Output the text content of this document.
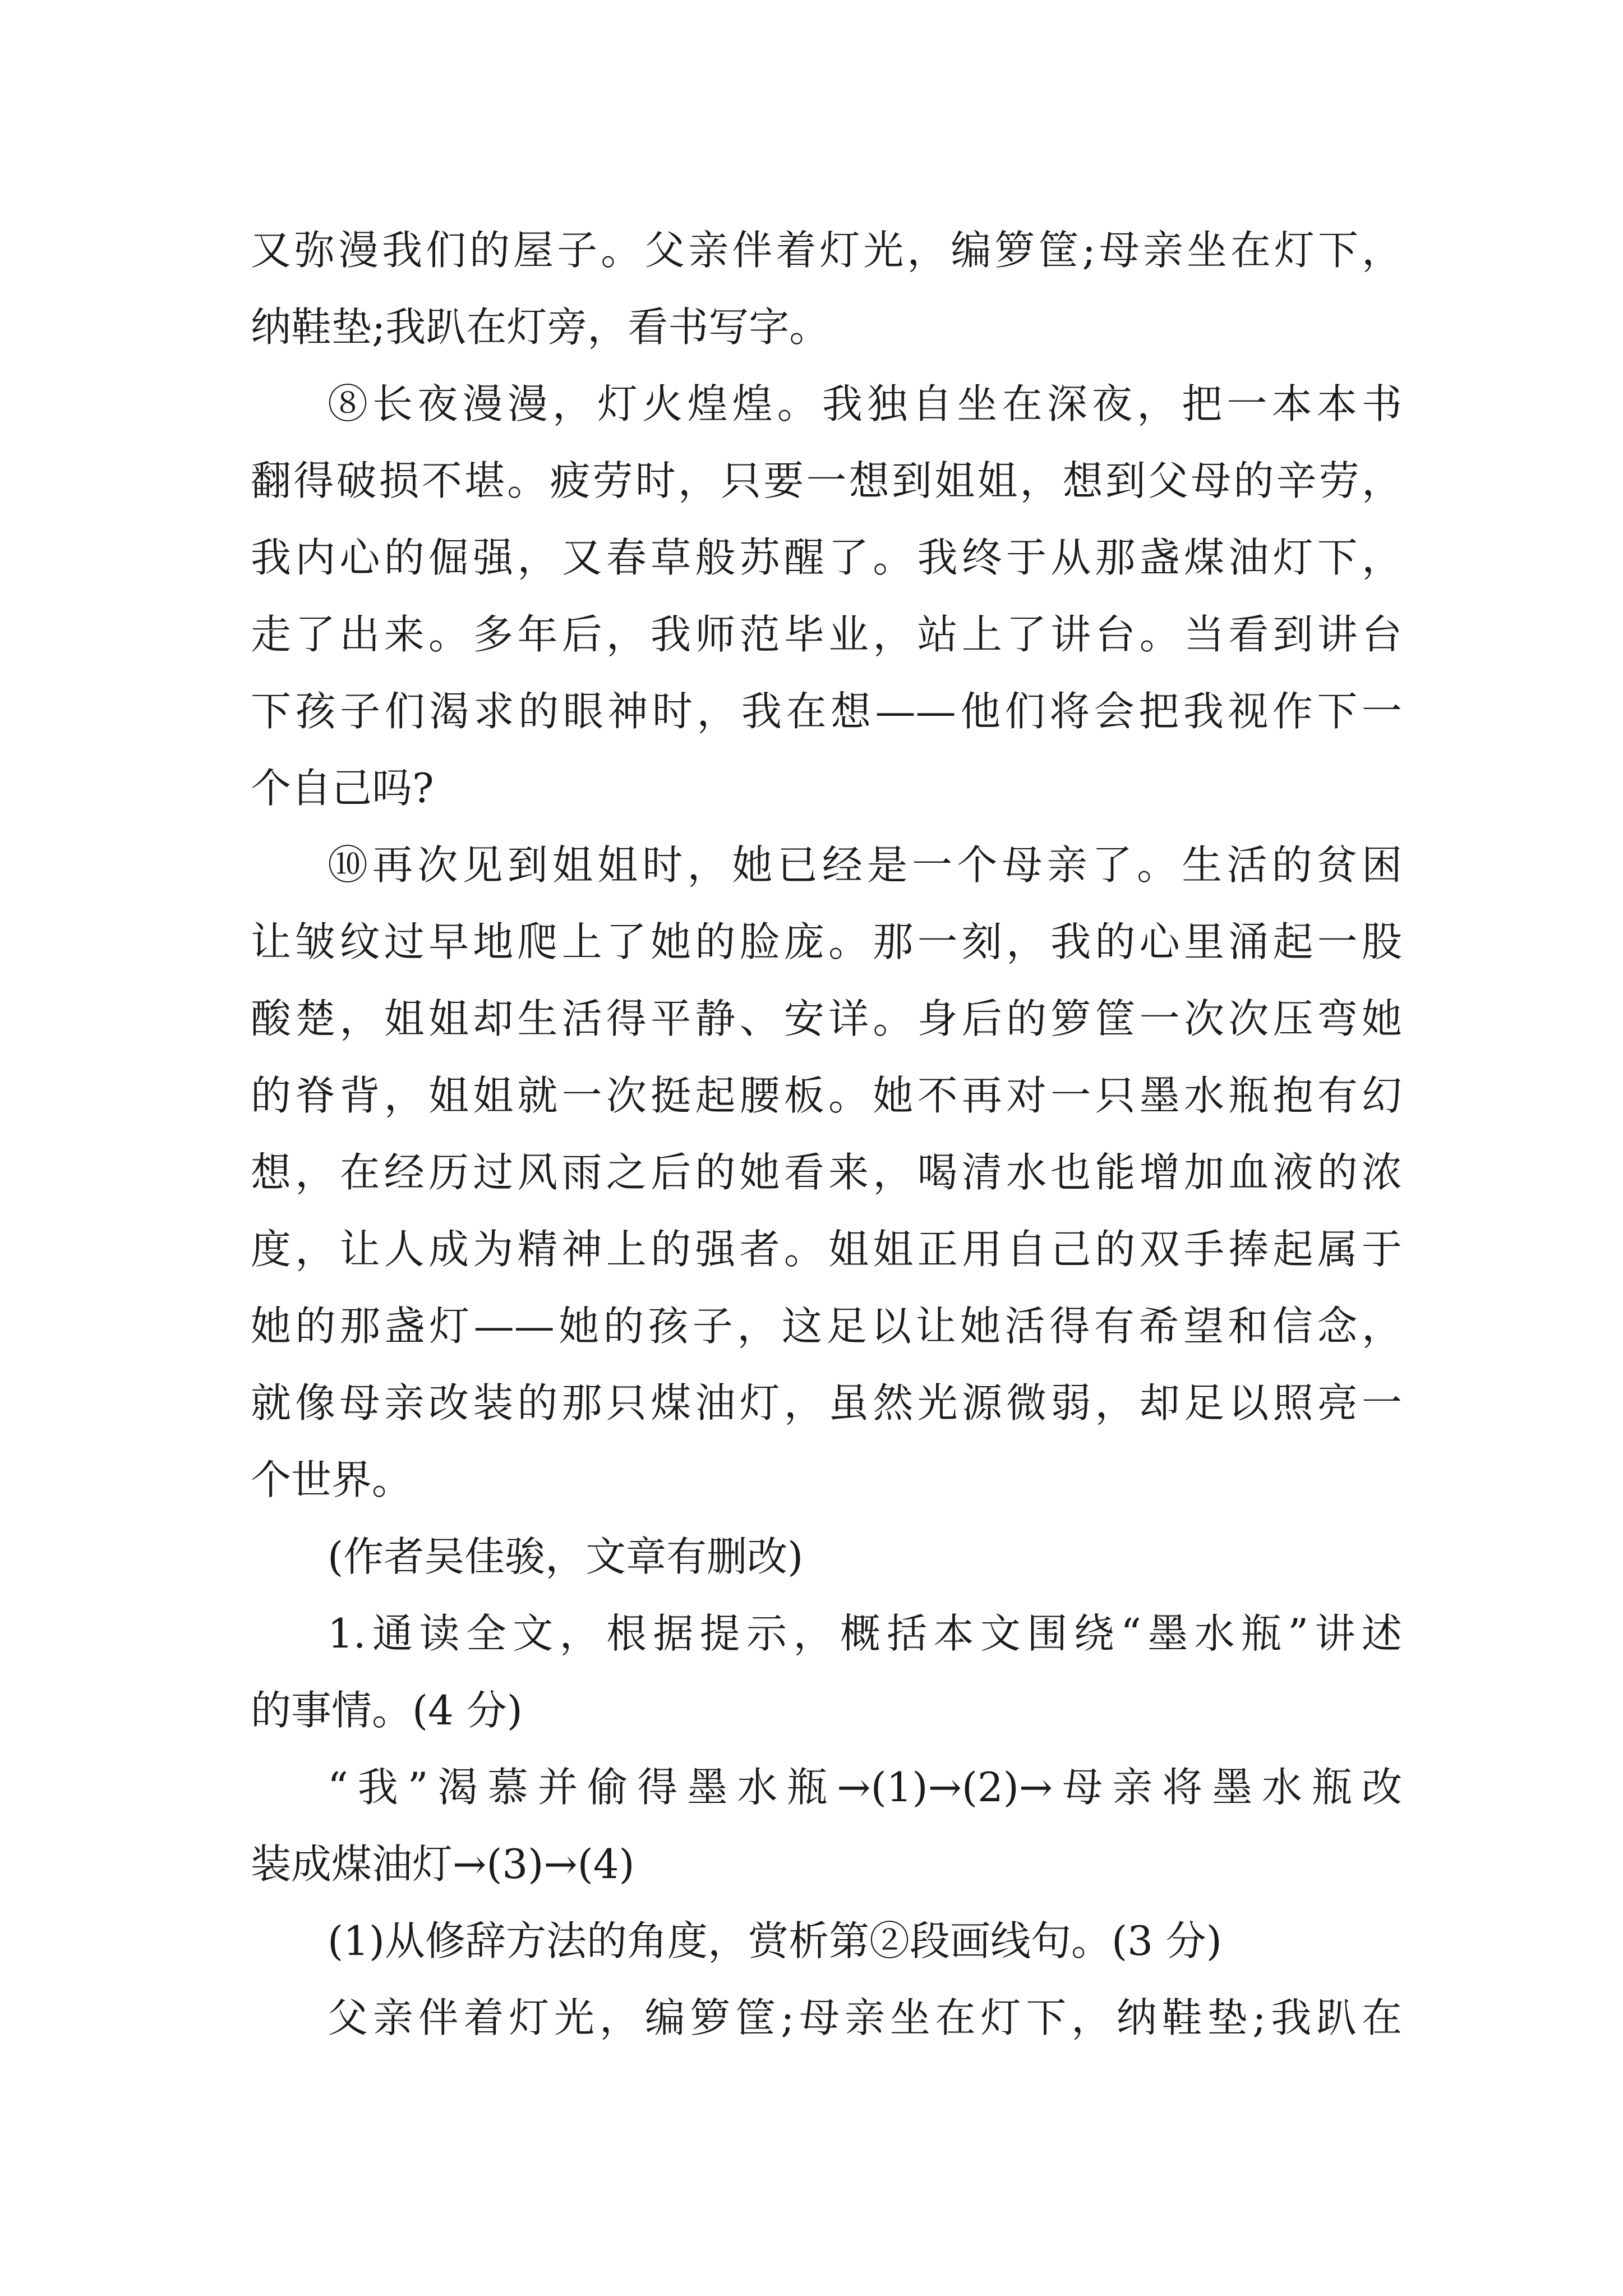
又弥漫我们的屋子。父亲伴着灯光，编箩筐;母亲坐在灯下，
纳鞋垫;我趴在灯旁，看书写字。
⑧长夜漫漫，灯火煌煌。我独自坐在深夜，把一本本书
翻得破损不堪。疲劳时，只要一想到姐姐，想到父母的辛劳，
我内心的倔强，又春草般苏醒了。我终于从那盏煤油灯下，
走了出来。多年后，我师范毕业，站上了讲台。当看到讲台
下孩子们渴求的眼神时，我在想——他们将会把我视作下一
个自己吗?
⑩再次见到姐姐时，她已经是一个母亲了。生活的贫困
让皱纹过早地爬上了她的脸庞。那一刻，我的心里涌起一股
酸楚，姐姐却生活得平静、安详。身后的箩筐一次次压弯她
的脊背，姐姐就一次挺起腰板。她不再对一只墨水瓶抱有幻
想，在经历过风雨之后的她看来，喝清水也能增加血液的浓
度，让人成为精神上的强者。姐姐正用自己的双手捧起属于
她的那盏灯——她的孩子，这足以让她活得有希望和信念，
就像母亲改装的那只煤油灯，虽然光源微弱，却足以照亮一
个世界。
(作者吴佳骏，文章有删改)
1.通读全文，根据提示，概括本文围绕“墨水瓶”讲述
的事情。(4 分)
“我”渴慕并偷得墨水瓶→(1)→(2)→母亲将墨水瓶改
装成煤油灯→(3)→(4)
(1)从修辞方法的角度，赏析第②段画线句。(3 分)
父亲伴着灯光，编箩筐;母亲坐在灯下，纳鞋垫;我趴在
